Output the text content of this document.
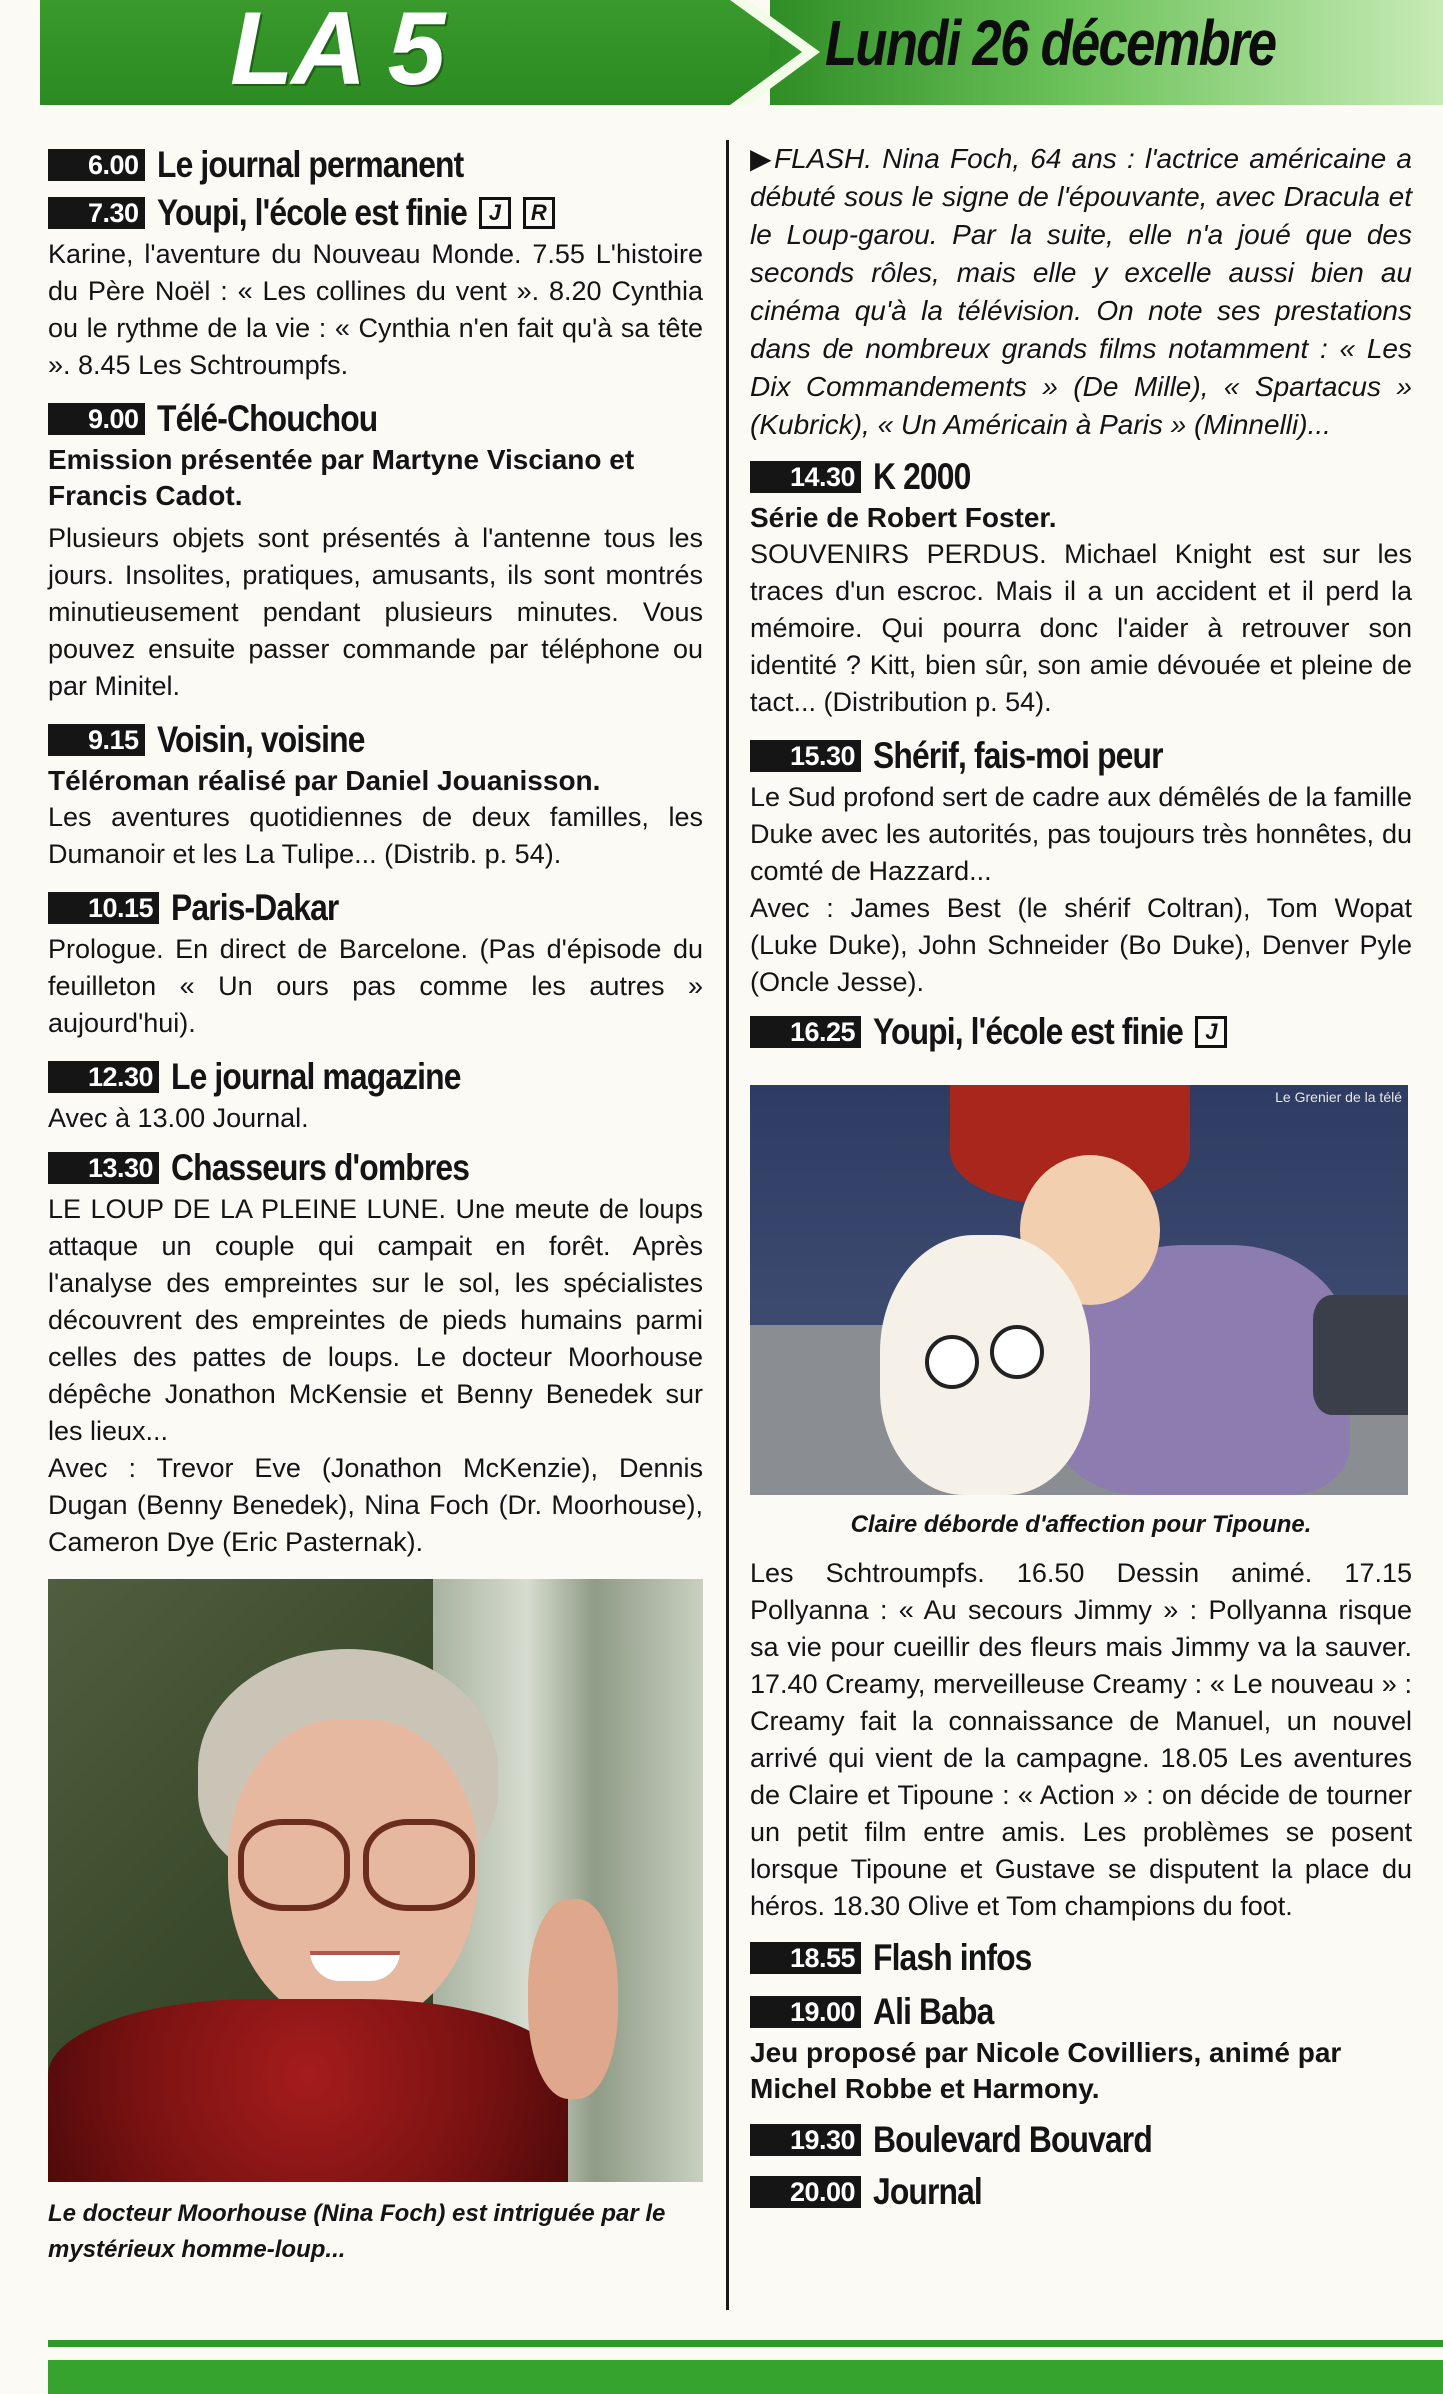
LA 5	Lundi 26 décembre
6.00 Le journal permanent
7.30 Youpi, l'école est finie	J	R
Karine, l'aventure du Nouveau Monde. 7.55 L'histoire du Père Noël : « Les collines du vent ». 8.20 Cynthia ou le rythme de la vie : « Cynthia n'en fait qu'à sa tête ». 8.45 Les Schtroumpfs.
9.00 Télé-Chouchou
Emission présentée par Martyne Visciano et Francis Cadot.
Plusieurs objets sont présentés à l'antenne tous les jours. Insolites, pratiques, amusants, ils sont montrés minutieusement pendant plusieurs minutes. Vous pouvez ensuite passer commande par téléphone ou par Minitel.
9.15 Voisin, voisine
Téléroman réalisé par Daniel Jouanisson.
Les aventures quotidiennes de deux familles, les Dumanoir et les La Tulipe... (Distrib. p. 54).
10.15 Paris-Dakar
Prologue. En direct de Barcelone. (Pas d'épisode du feuilleton « Un ours pas comme les autres » aujourd'hui).
12.30 Le journal magazine
Avec à 13.00 Journal.
13.30 Chasseurs d'ombres
LE LOUP DE LA PLEINE LUNE. Une meute de loups attaque un couple qui campait en forêt. Après l'analyse des empreintes sur le sol, les spécialistes découvrent des empreintes de pieds humains parmi celles des pattes de loups. Le docteur Moorhouse dépêche Jonathon McKensie et Benny Benedek sur les lieux...
Avec : Trevor Eve (Jonathon McKenzie), Dennis Dugan (Benny Benedek), Nina Foch (Dr. Moorhouse), Cameron Dye (Eric Pasternak).
Le docteur Moorhouse (Nina Foch) est intriguée par le mystérieux homme-loup...
▶FLASH. Nina Foch, 64 ans : l'actrice américaine a débuté sous le signe de l'épouvante, avec Dracula et le Loup-garou. Par la suite, elle n'a joué que des seconds rôles, mais elle y excelle aussi bien au cinéma qu'à la télévision. On note ses prestations dans de nombreux grands films notamment : « Les Dix Commandements » (De Mille), « Spartacus » (Kubrick), « Un Américain à Paris » (Minnelli)...
14.30 K 2000
Série de Robert Foster.
SOUVENIRS PERDUS. Michael Knight est sur les traces d'un escroc. Mais il a un accident et il perd la mémoire. Qui pourra donc l'aider à retrouver son identité ? Kitt, bien sûr, son amie dévouée et pleine de tact... (Distribution p. 54).
15.30 Shérif, fais-moi peur
Le Sud profond sert de cadre aux démêlés de la famille Duke avec les autorités, pas toujours très honnêtes, du comté de Hazzard...
Avec : James Best (le shérif Coltran), Tom Wopat (Luke Duke), John Schneider (Bo Duke), Denver Pyle (Oncle Jesse).
16.25 Youpi, l'école est finie	J
Le Grenier de la télé
Claire déborde d'affection pour Tipoune.
Les Schtroumpfs. 16.50 Dessin animé. 17.15 Pollyanna : « Au secours Jimmy » : Pollyanna risque sa vie pour cueillir des fleurs mais Jimmy va la sauver. 17.40 Creamy, merveilleuse Creamy : « Le nouveau » : Creamy fait la connaissance de Manuel, un nouvel arrivé qui vient de la campagne. 18.05 Les aventures de Claire et Tipoune : « Action » : on décide de tourner un petit film entre amis. Les problèmes se posent lorsque Tipoune et Gustave se disputent la place du héros. 18.30 Olive et Tom champions du foot.
18.55 Flash infos
19.00 Ali Baba
Jeu proposé par Nicole Covilliers, animé par Michel Robbe et Harmony.
19.30 Boulevard Bouvard
20.00 Journal
